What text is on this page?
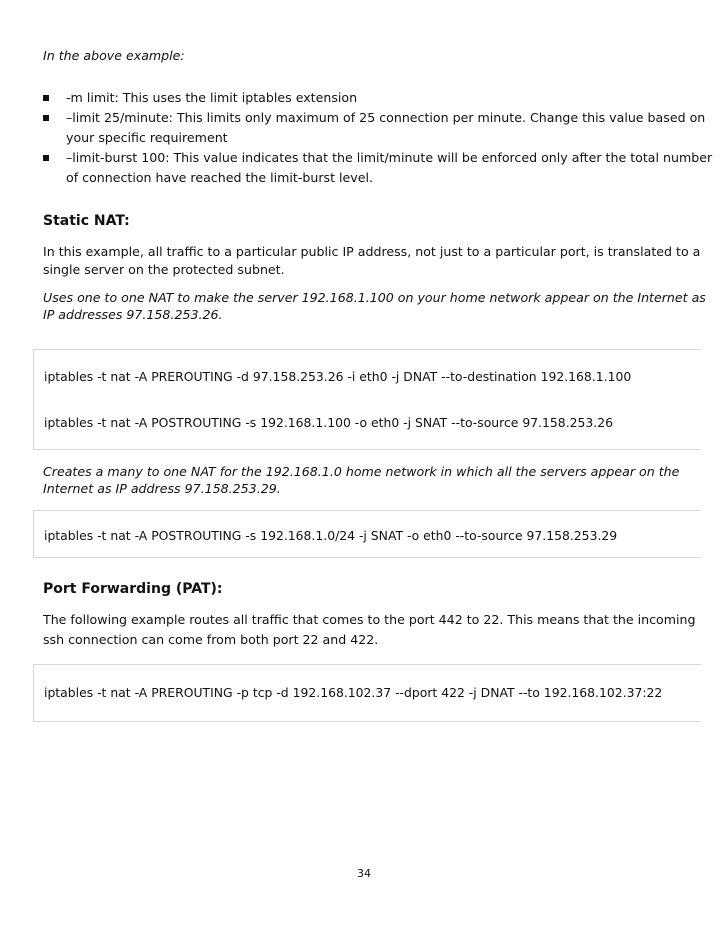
In the above example:
-m limit: This uses the limit iptables extension
–limit 25/minute: This limits only maximum of 25 connection per minute. Change this value based on
your specific requirement
–limit-burst 100: This value indicates that the limit/minute will be enforced only after the total number
of connection have reached the limit-burst level.
Static NAT:
In this example, all traffic to a particular public IP address, not just to a particular port, is translated to a
single server on the protected subnet.
Uses one to one NAT to make the server 192.168.1.100 on your home network appear on the Internet as
IP addresses 97.158.253.26.
iptables -t nat -A PREROUTING -d 97.158.253.26 -i eth0 -j DNAT --to-destination 192.168.1.100
iptables -t nat -A POSTROUTING -s 192.168.1.100 -o eth0 -j SNAT --to-source 97.158.253.26
Creates a many to one NAT for the 192.168.1.0 home network in which all the servers appear on the
Internet as IP address 97.158.253.29.
iptables -t nat -A POSTROUTING -s 192.168.1.0/24 -j SNAT -o eth0 --to-source 97.158.253.29
Port Forwarding (PAT):
The following example routes all traffic that comes to the port 442 to 22. This means that the incoming
ssh connection can come from both port 22 and 422.
iptables -t nat -A PREROUTING -p tcp -d 192.168.102.37 --dport 422 -j DNAT --to 192.168.102.37:22
34
